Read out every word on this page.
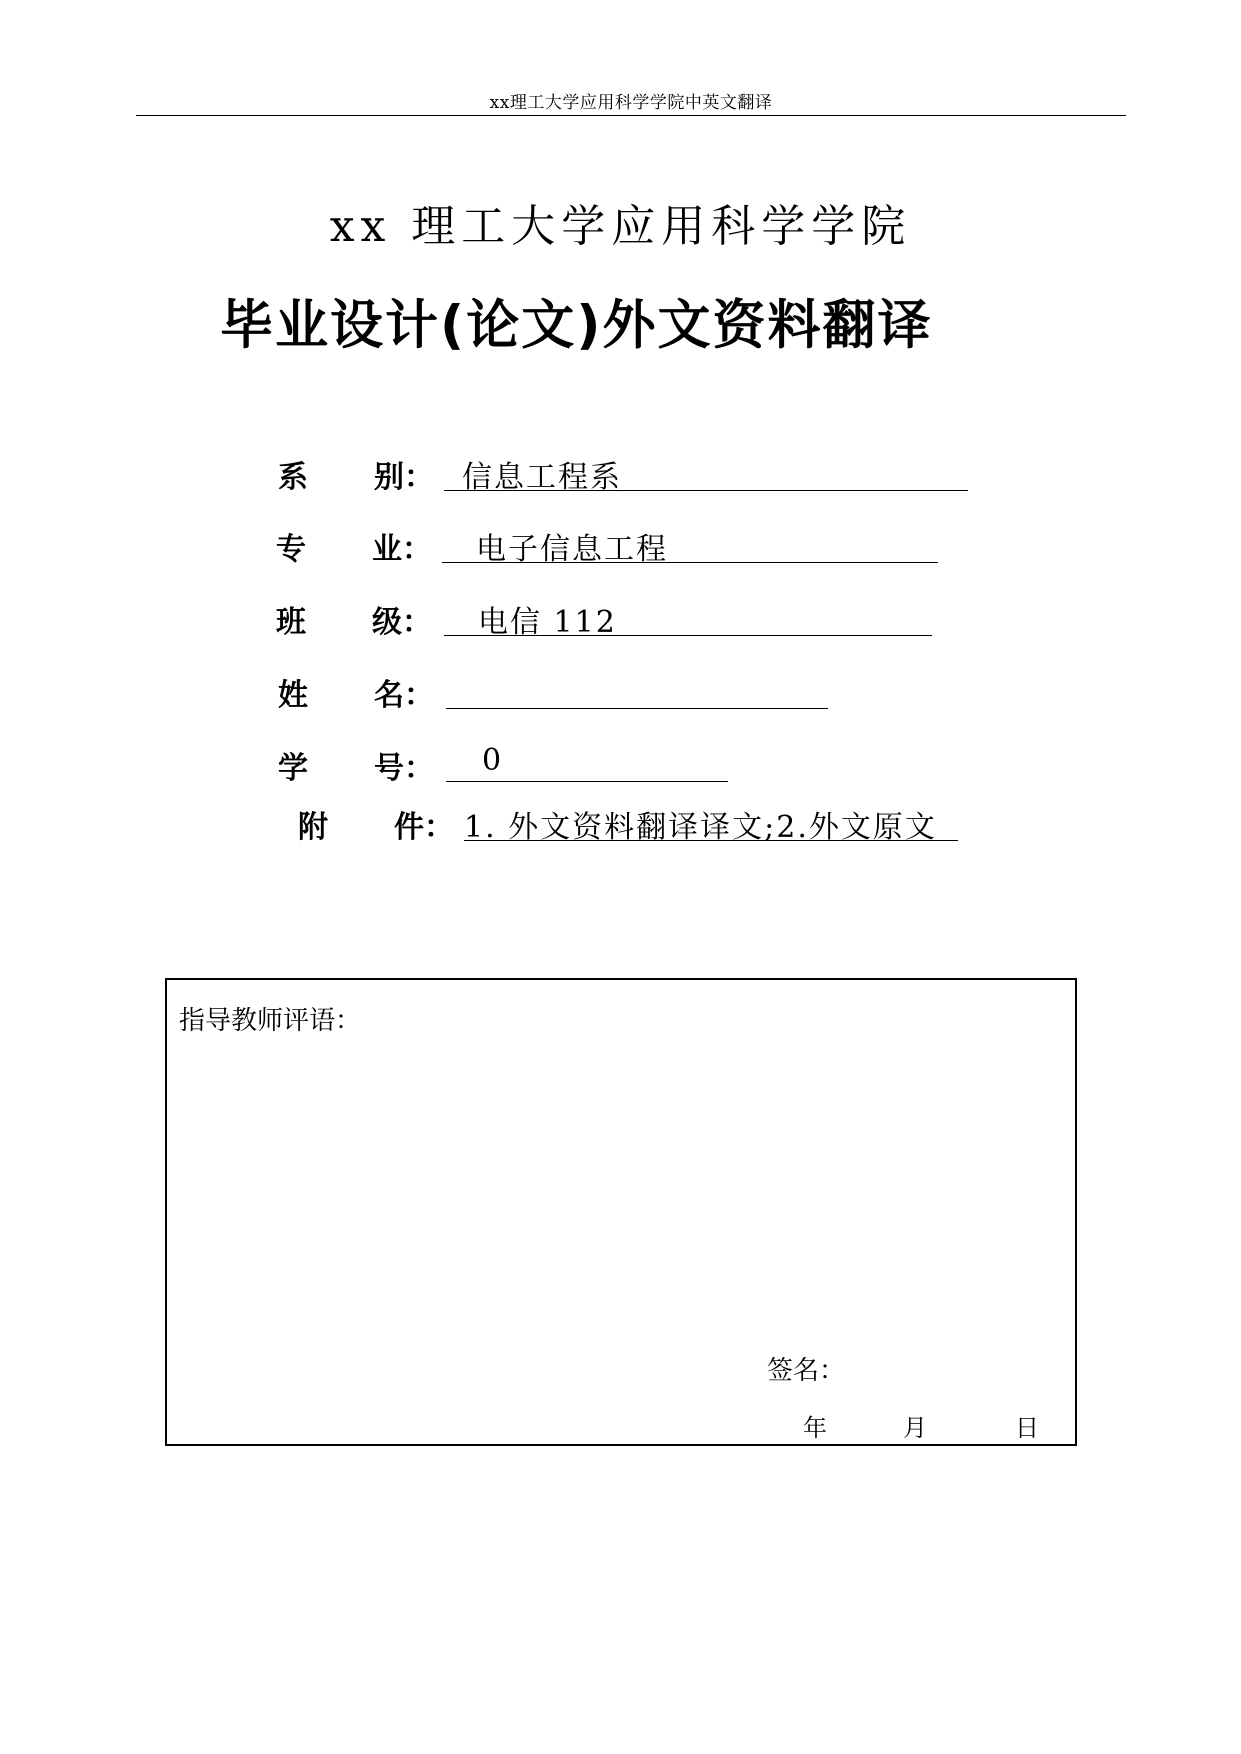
xx理工大学应用科学学院中英文翻译
xx 理工大学应用科学学院
毕业设计(论文)外文资料翻译
系 别： 信息工程系
专 业：	电子信息工程
班 级：	电信 112
姓 名：
学 号：	0
附 件： 1. 外文资料翻译译文;2.外文原文
指导教师评语：
签名：
年	月	日
